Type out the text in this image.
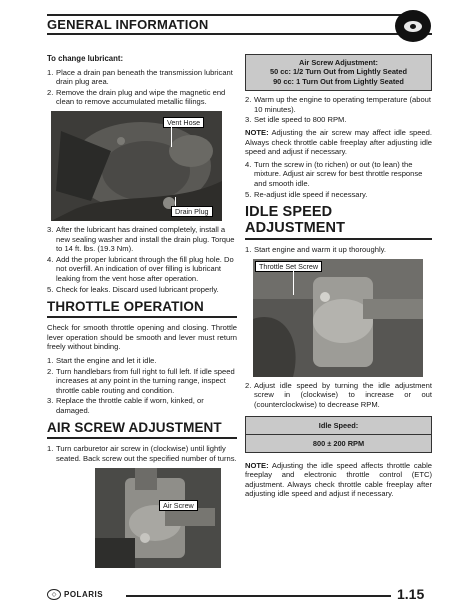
GENERAL INFORMATION
To change lubricant:
1. Place a drain pan beneath the transmission lubricant drain plug area.
2. Remove the drain plug and wipe the magnetic end clean to remove accumulated metallic filings.
Vent Hose
Drain Plug
3. After the lubricant has drained completely, install a new sealing washer and install the drain plug. Torque to 14 ft. lbs. (19.3 Nm).
4. Add the proper lubricant through the fill plug hole. Do not overfill. An indication of over filling is lubricant leaking from the vent hose after operation.
5. Check for leaks. Discard used lubricant properly.
THROTTLE OPERATION

Check for smooth throttle opening and closing. Throttle lever operation should be smooth and lever must return freely without binding.

1. Start the engine and let it idle.
2. Turn handlebars from full right to full left. If idle speed increases at any point in the turning range, inspect throttle cable routing and condition.
3. Replace the throttle cable if worn, kinked, or damaged.
AIR SCREW ADJUSTMENT
1. Turn carburetor air screw in (clockwise) until lightly seated. Back screw out the specified number of turns.
Air Screw
Air Screw Adjustment:
50 cc: 1/2 Turn Out from Lightly Seated
90 cc: 1 Turn Out from Lightly Seated
2. Warm up the engine to operating temperature (about 10 minutes).
3. Set idle speed to 800 RPM.

NOTE: Adjusting the air screw may affect idle speed. Always check throttle cable freeplay after adjusting idle speed and adjust if necessary.

4. Turn the screw in (to richen) or out (to lean) the mixture. Adjust air screw for best throttle response and smooth idle.
5. Re-adjust idle speed if necessary.
IDLE SPEED ADJUSTMENT
1. Start engine and warm it up thoroughly.
Throttle Set Screw
2. Adjust idle speed by turning the idle adjustment screw in (clockwise) to increase or out (counterclockwise) to decrease RPM.
Idle Speed:
800 ± 200 RPM

NOTE: Adjusting the idle speed affects throttle cable freeplay and electronic throttle control (ETC) adjustment. Always check throttle cable freeplay after adjusting idle speed and adjust if necessary.

◇ POLARIS	1.15
